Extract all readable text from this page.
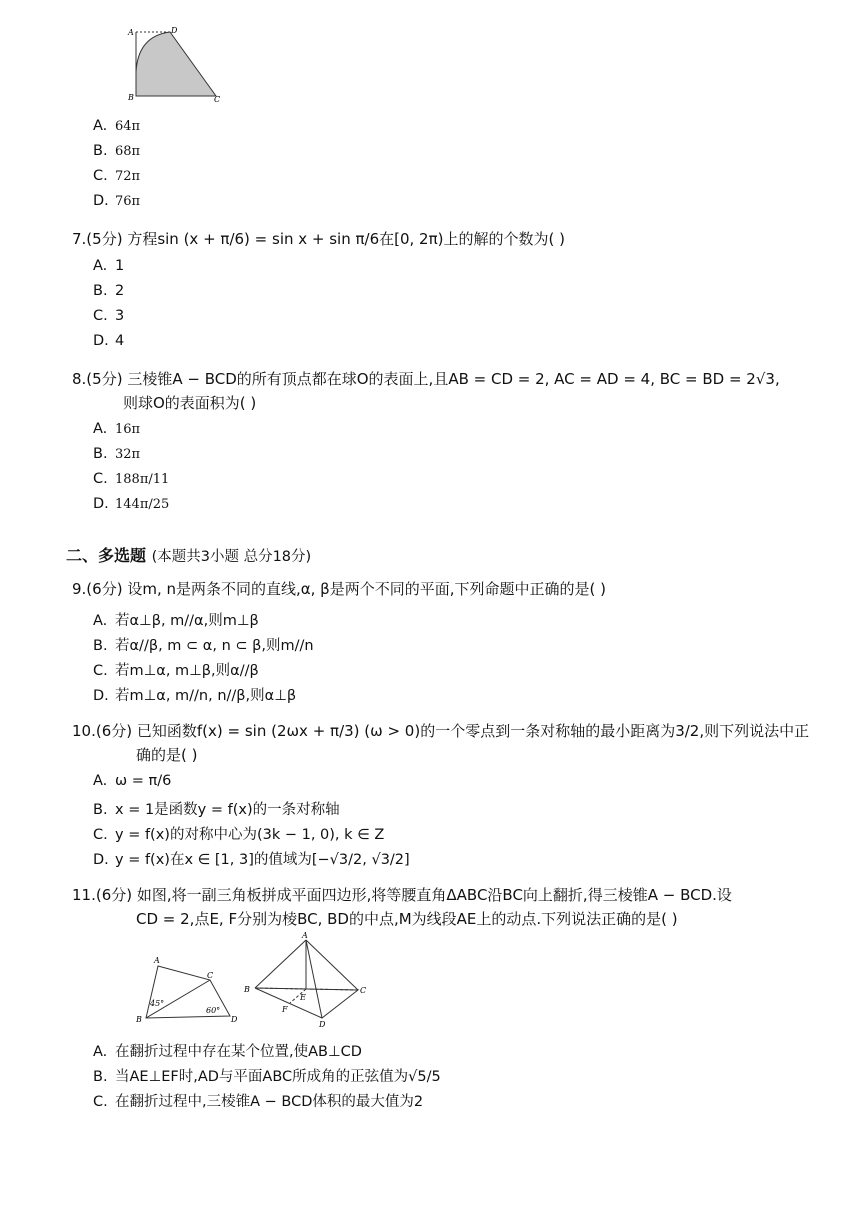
A	D
B	C
A. 64π
B. 68π
C. 72π
D. 76π
7.(5分) 方程sin (x + π/6) = sin x + sin π/6在[0, 2π)上的解的个数为( )
A. 1
B. 2
C. 3
D. 4
8.(5分) 三棱锥A − BCD的所有顶点都在球O的表面上,且AB = CD = 2, AC = AD = 4, BC = BD = 2√3,
则球O的表面积为( )
A. 16π
B. 32π
C. 188π/11
D. 144π/25
二、多选题 (本题共3小题 总分18分)
9.(6分) 设m, n是两条不同的直线,α, β是两个不同的平面,下列命题中正确的是( )
A. 若α⊥β, m//α,则m⊥β
B. 若α//β, m ⊂ α, n ⊂ β,则m//n
C. 若m⊥α, m⊥β,则α//β
D. 若m⊥α, m//n, n//β,则α⊥β
10.(6分) 已知函数f(x) = sin (2ωx + π/3) (ω > 0)的一个零点到一条对称轴的最小距离为3/2,则下列说法中正
确的是( )
A. ω = π/6
B. x = 1是函数y = f(x)的一条对称轴
C. y = f(x)的对称中心为(3k − 1, 0), k ∈ Z
D. y = f(x)在x ∈ [1, 3]的值域为[−√3/2, √3/2]
11.(6分) 如图,将一副三角板拼成平面四边形,将等腰直角ΔABC沿BC向上翻折,得三棱锥A − BCD.设
CD = 2,点E, F分别为棱BC, BD的中点,M为线段AE上的动点.下列说法正确的是( )
A
C
B	D
45°
60°
A
B	C
D
E
F
A. 在翻折过程中存在某个位置,使AB⊥CD
B. 当AE⊥EF时,AD与平面ABC所成角的正弦值为√5/5
C. 在翻折过程中,三棱锥A − BCD体积的最大值为2
